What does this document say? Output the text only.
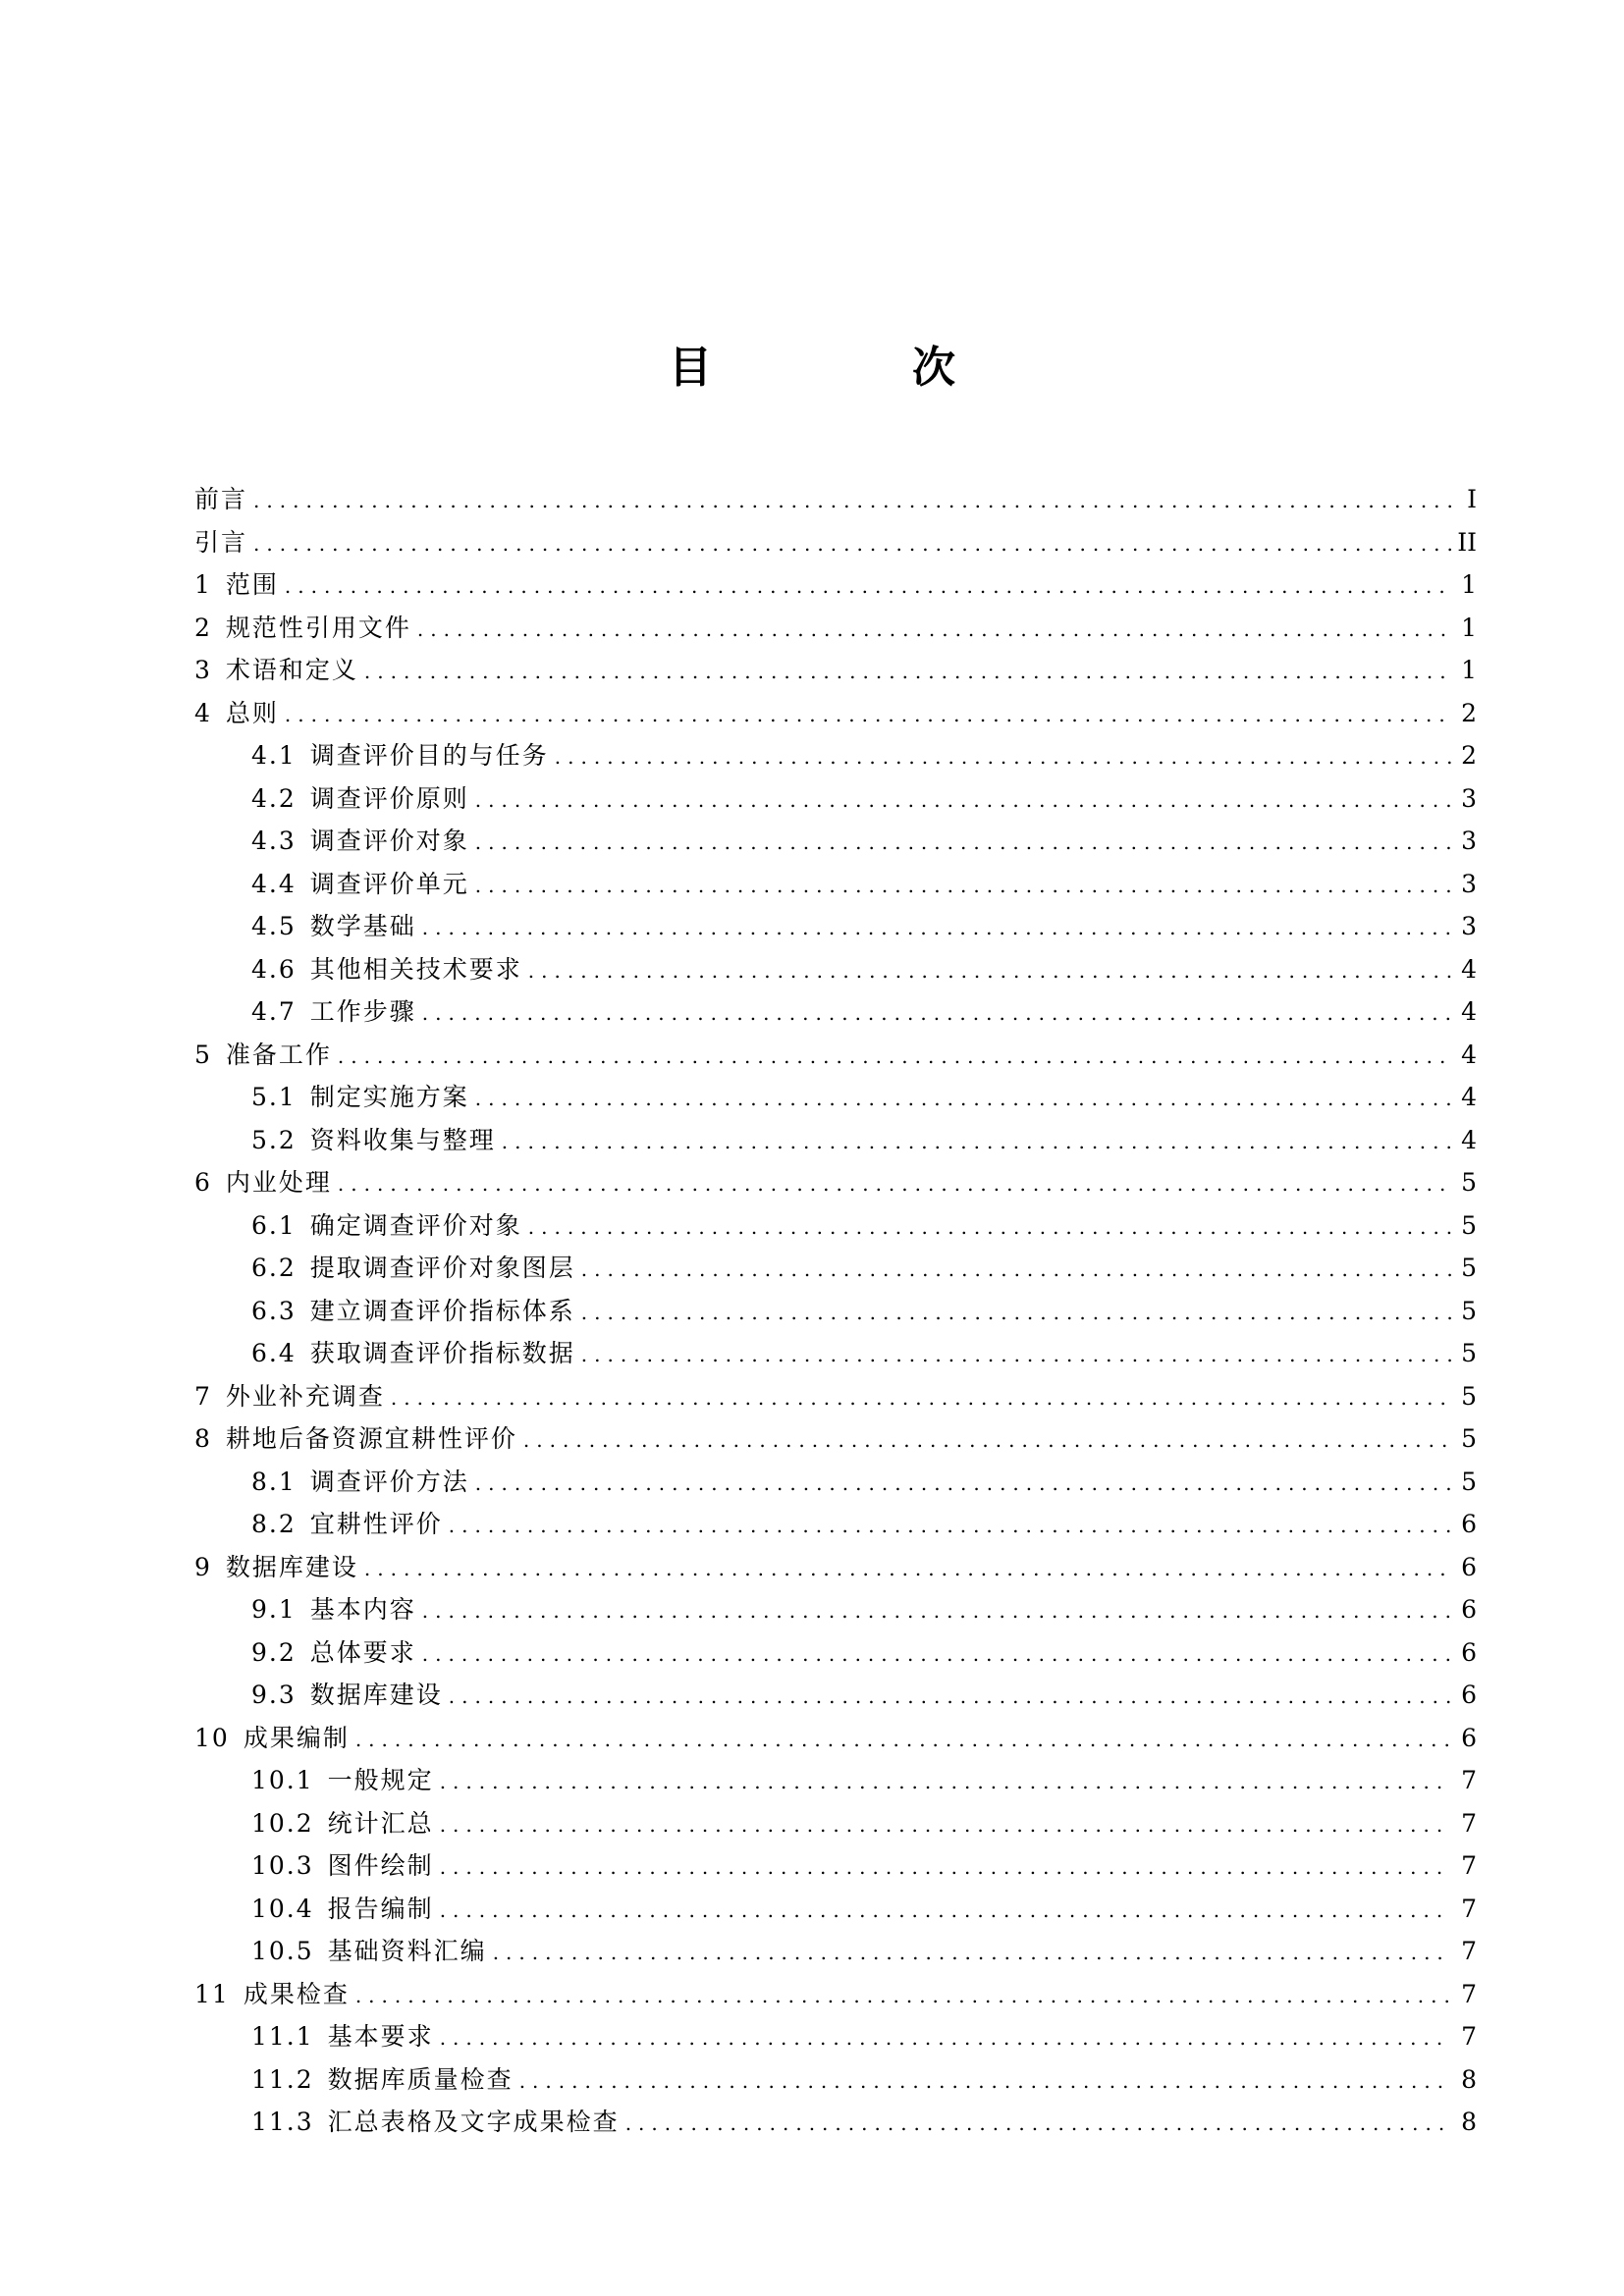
目　次
前言 .....	I
引言 .....	II
1 范围 .....	1
2 规范性引用文件 .....	1
3 术语和定义 .....	1
4 总则 .....	2
4.1 调查评价目的与任务 .....	2
4.2 调查评价原则 .....	3
4.3 调查评价对象 .....	3
4.4 调查评价单元 .....	3
4.5 数学基础 .....	3
4.6 其他相关技术要求 .....	4
4.7 工作步骤 .....	4
5 准备工作 .....	4
5.1 制定实施方案 .....	4
5.2 资料收集与整理 .....	4
6 内业处理 .....	5
6.1 确定调查评价对象 .....	5
6.2 提取调查评价对象图层 .....	5
6.3 建立调查评价指标体系 .....	5
6.4 获取调查评价指标数据 .....	5
7 外业补充调查 .....	5
8 耕地后备资源宜耕性评价 .....	5
8.1 调查评价方法 .....	5
8.2 宜耕性评价 .....	6
9 数据库建设 .....	6
9.1 基本内容 .....	6
9.2 总体要求 .....	6
9.3 数据库建设 .....	6
10 成果编制 .....	6
10.1 一般规定 .....	7
10.2 统计汇总 .....	7
10.3 图件绘制 .....	7
10.4 报告编制 .....	7
10.5 基础资料汇编 .....	7
11 成果检查 .....	7
11.1 基本要求 .....	7
11.2 数据库质量检查 .....	8
11.3 汇总表格及文字成果检查 .....	8
